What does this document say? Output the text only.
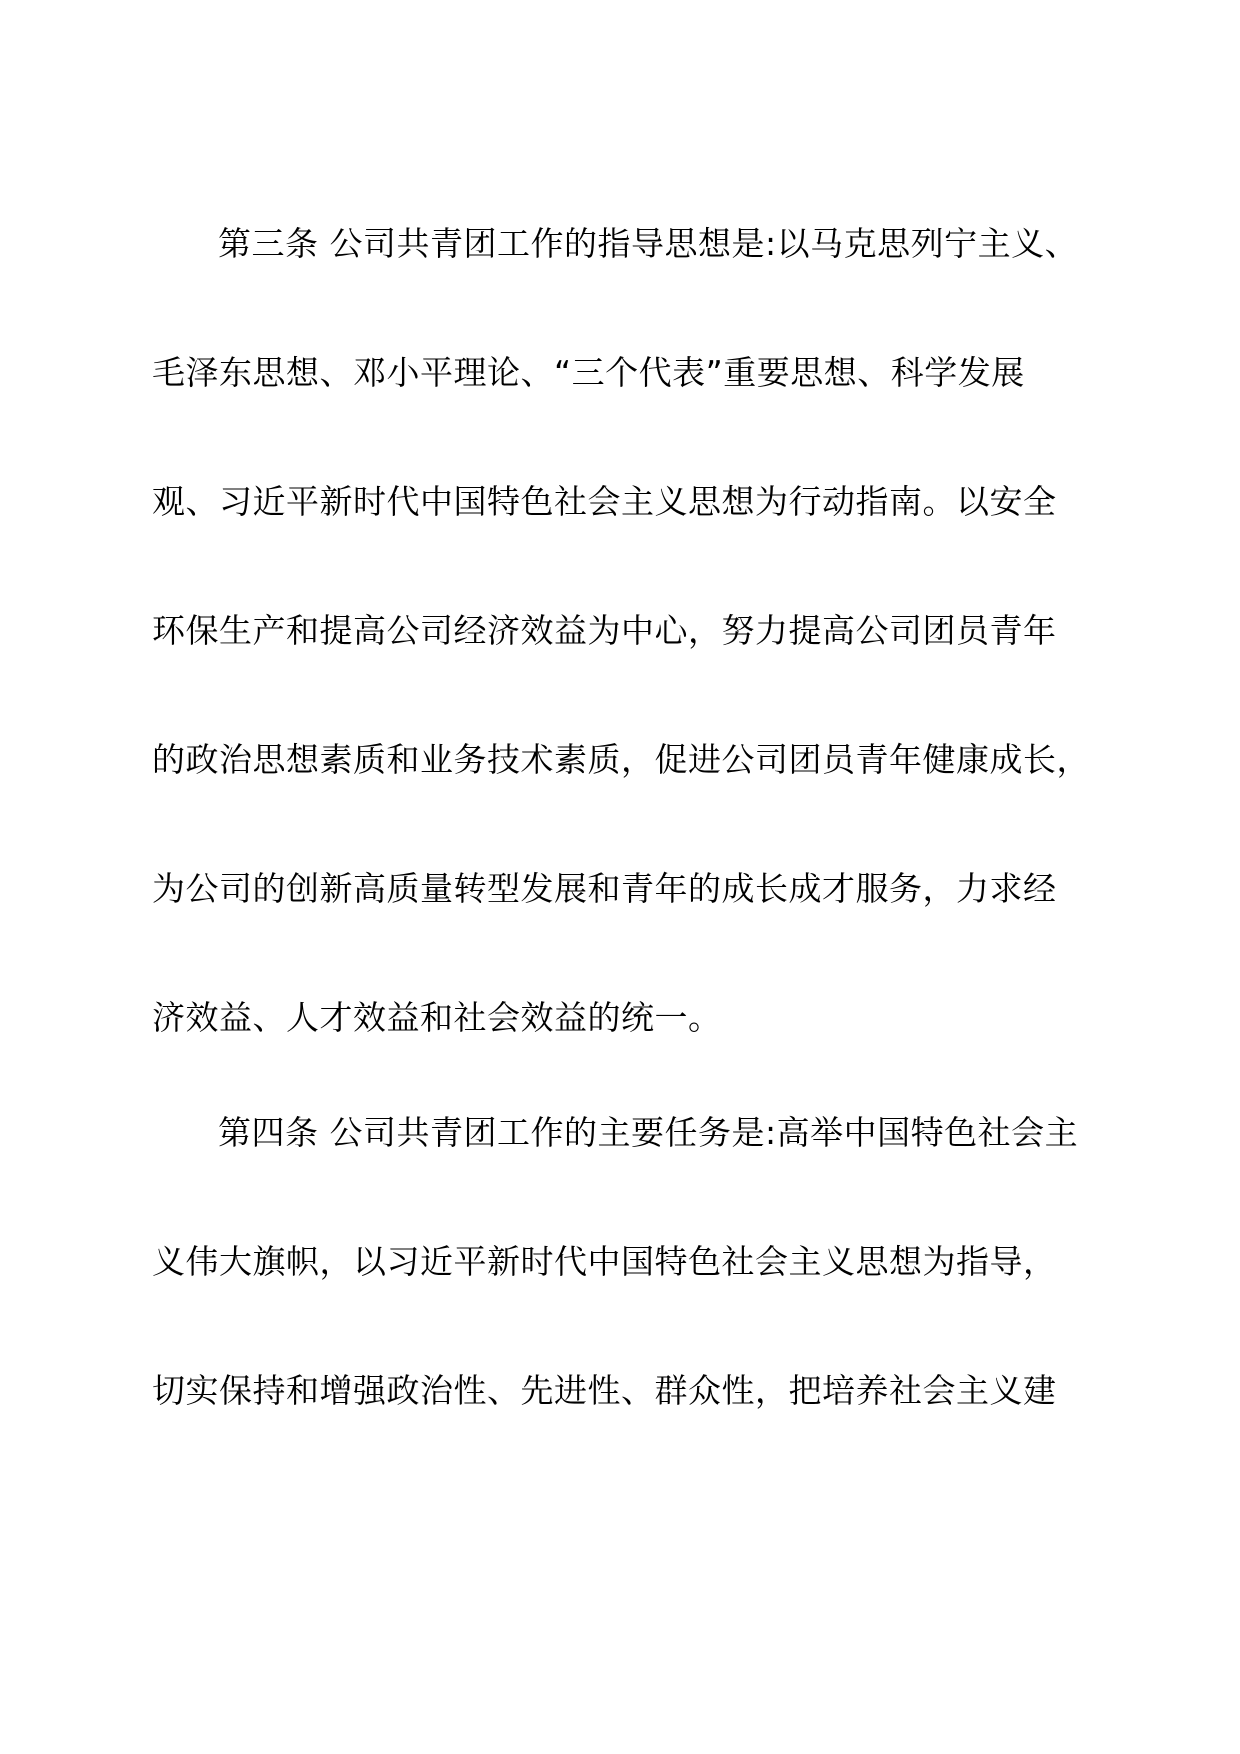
第三条 公司共青团工作的指导思想是:以马克思列宁主义、
毛泽东思想、邓小平理论、“三个代表”重要思想、科学发展
观、习近平新时代中国特色社会主义思想为行动指南。以安全
环保生产和提高公司经济效益为中心，努力提高公司团员青年
的政治思想素质和业务技术素质，促进公司团员青年健康成长，
为公司的创新高质量转型发展和青年的成长成才服务，力求经
济效益、人才效益和社会效益的统一。
第四条 公司共青团工作的主要任务是:高举中国特色社会主
义伟大旗帜，以习近平新时代中国特色社会主义思想为指导，
切实保持和增强政治性、先进性、群众性，把培养社会主义建
